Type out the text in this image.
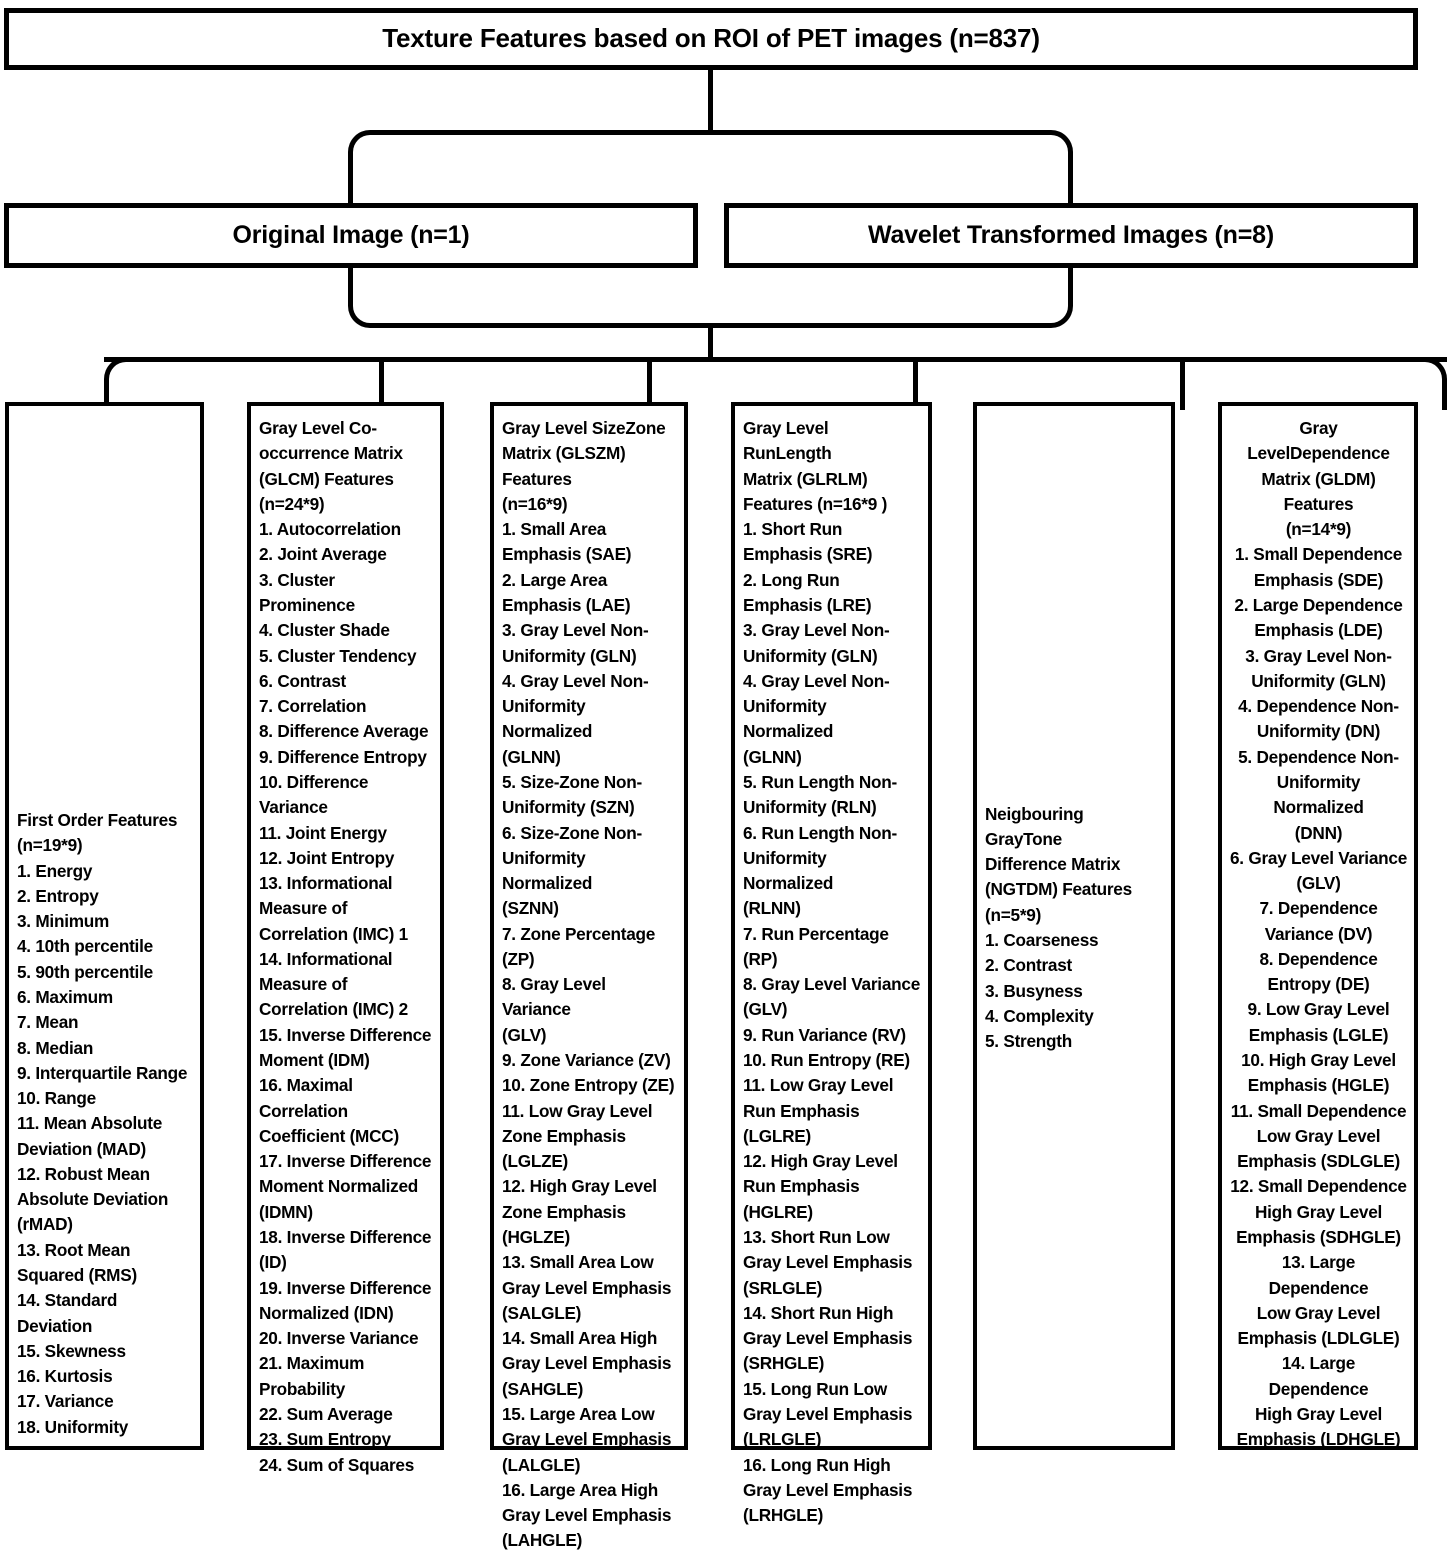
Texture Features based on ROI of PET images (n=837)
Original Image (n=1)	Wavelet Transformed Images (n=8)
First Order Features
(n=19*9)
1. Energy
2. Entropy
3. Minimum
4. 10th percentile
5. 90th percentile
6. Maximum
7. Mean
8. Median
9. Interquartile Range
10. Range
11. Mean Absolute
Deviation (MAD)
12. Robust Mean
Absolute Deviation
(rMAD)
13. Root Mean
Squared (RMS)
14. Standard
Deviation
15. Skewness
16. Kurtosis
17. Variance
18. Uniformity
Gray Level Co-
occurrence Matrix
(GLCM) Features
(n=24*9)
1. Autocorrelation
2. Joint Average
3. Cluster Prominence
4. Cluster Shade
5. Cluster Tendency
6. Contrast
7. Correlation
8. Difference Average
9. Difference Entropy
10. Difference
Variance
11. Joint Energy
12. Joint Entropy
13. Informational
Measure of
Correlation (IMC) 1
14. Informational
Measure of
Correlation (IMC) 2
15. Inverse Difference
Moment (IDM)
16. Maximal
Correlation
Coefficient (MCC)
17. Inverse Difference
Moment Normalized
(IDMN)
18. Inverse Difference
(ID)
19. Inverse Difference
Normalized (IDN)
20. Inverse Variance
21. Maximum
Probability
22. Sum Average
23. Sum Entropy
24. Sum of Squares
Gray Level SizeZone
Matrix (GLSZM)
Features
(n=16*9)
1. Small Area
Emphasis (SAE)
2. Large Area
Emphasis (LAE)
3. Gray Level Non-
Uniformity (GLN)
4. Gray Level Non-
Uniformity Normalized
(GLNN)
5. Size-Zone Non-
Uniformity (SZN)
6. Size-Zone Non-
Uniformity Normalized
(SZNN)
7. Zone Percentage
(ZP)
8. Gray Level Variance
(GLV)
9. Zone Variance (ZV)
10. Zone Entropy (ZE)
11. Low Gray Level
Zone Emphasis
(LGLZE)
12. High Gray Level
Zone Emphasis
(HGLZE)
13. Small Area Low
Gray Level Emphasis
(SALGLE)
14. Small Area High
Gray Level Emphasis
(SAHGLE)
15. Large Area Low
Gray Level Emphasis
(LALGLE)
16. Large Area High
Gray Level Emphasis
(LAHGLE)
Gray Level RunLength
Matrix (GLRLM)
Features (n=16*9 )
1. Short Run
Emphasis (SRE)
2. Long Run
Emphasis (LRE)
3. Gray Level Non-
Uniformity (GLN)
4. Gray Level Non-
Uniformity Normalized
(GLNN)
5. Run Length Non-
Uniformity (RLN)
6. Run Length Non-
Uniformity Normalized
(RLNN)
7. Run Percentage
(RP)
8. Gray Level Variance
(GLV)
9. Run Variance (RV)
10. Run Entropy (RE)
11. Low Gray Level
Run Emphasis
(LGLRE)
12. High Gray Level
Run Emphasis
(HGLRE)
13. Short Run Low
Gray Level Emphasis
(SRLGLE)
14. Short Run High
Gray Level Emphasis
(SRHGLE)
15. Long Run Low
Gray Level Emphasis
(LRLGLE)
16. Long Run High
Gray Level Emphasis
(LRHGLE)
Neigbouring GrayTone
Difference Matrix
(NGTDM) Features
(n=5*9)
1. Coarseness
2. Contrast
3. Busyness
4. Complexity
5. Strength
Gray
LevelDependence
Matrix (GLDM)
Features
(n=14*9)
1. Small Dependence
Emphasis (SDE)
2. Large Dependence
Emphasis (LDE)
3. Gray Level Non-
Uniformity (GLN)
4. Dependence Non-
Uniformity (DN)
5. Dependence Non-
Uniformity Normalized
(DNN)
6. Gray Level Variance
(GLV)
7. Dependence
Variance (DV)
8. Dependence
Entropy (DE)
9. Low Gray Level
Emphasis (LGLE)
10. High Gray Level
Emphasis (HGLE)
11. Small Dependence
Low Gray Level
Emphasis (SDLGLE)
12. Small Dependence
High Gray Level
Emphasis (SDHGLE)
13. Large Dependence
Low Gray Level
Emphasis (LDLGLE)
14. Large Dependence
High Gray Level
Emphasis (LDHGLE)
